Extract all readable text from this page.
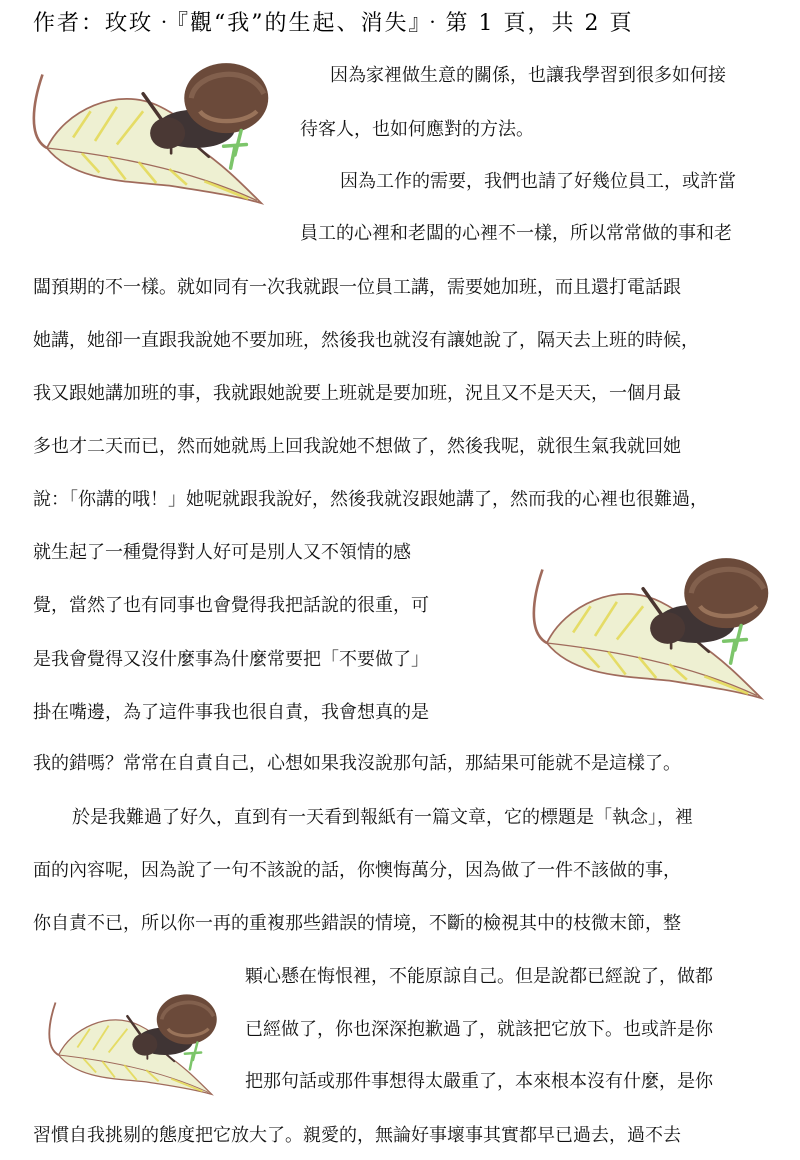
作者：玫玫‧『觀“我”的生起、消失』‧第 1 頁，共 2 頁
因為家裡做生意的關係，也讓我學習到很多如何接
待客人，也如何應對的方法。
因為工作的需要，我們也請了好幾位員工，或許當
員工的心裡和老闆的心裡不一樣，所以常常做的事和老
闆預期的不一樣。就如同有一次我就跟一位員工講，需要她加班，而且還打電話跟
她講，她卻一直跟我說她不要加班，然後我也就沒有讓她說了，隔天去上班的時候，
我又跟她講加班的事，我就跟她說要上班就是要加班，況且又不是天天，一個月最
多也才二天而已，然而她就馬上回我說她不想做了，然後我呢，就很生氣我就回她
說：「你講的哦！」她呢就跟我說好，然後我就沒跟她講了，然而我的心裡也很難過，
就生起了一種覺得對人好可是別人又不領情的感
覺，當然了也有同事也會覺得我把話說的很重，可
是我會覺得又沒什麼事為什麼常要把「不要做了」
掛在嘴邊，為了這件事我也很自責，我會想真的是
我的錯嗎？常常在自責自己，心想如果我沒說那句話，那結果可能就不是這樣了。
於是我難過了好久，直到有一天看到報紙有一篇文章，它的標題是「執念」，裡
面的內容呢，因為說了一句不該說的話，你懊悔萬分，因為做了一件不該做的事，
你自責不已，所以你一再的重複那些錯誤的情境，不斷的檢視其中的枝微末節，整
顆心懸在悔恨裡，不能原諒自己。但是說都已經說了，做都
已經做了，你也深深抱歉過了，就該把它放下。也或許是你
把那句話或那件事想得太嚴重了，本來根本沒有什麼，是你
習慣自我挑剔的態度把它放大了。親愛的，無論好事壞事其實都早已過去，過不去
